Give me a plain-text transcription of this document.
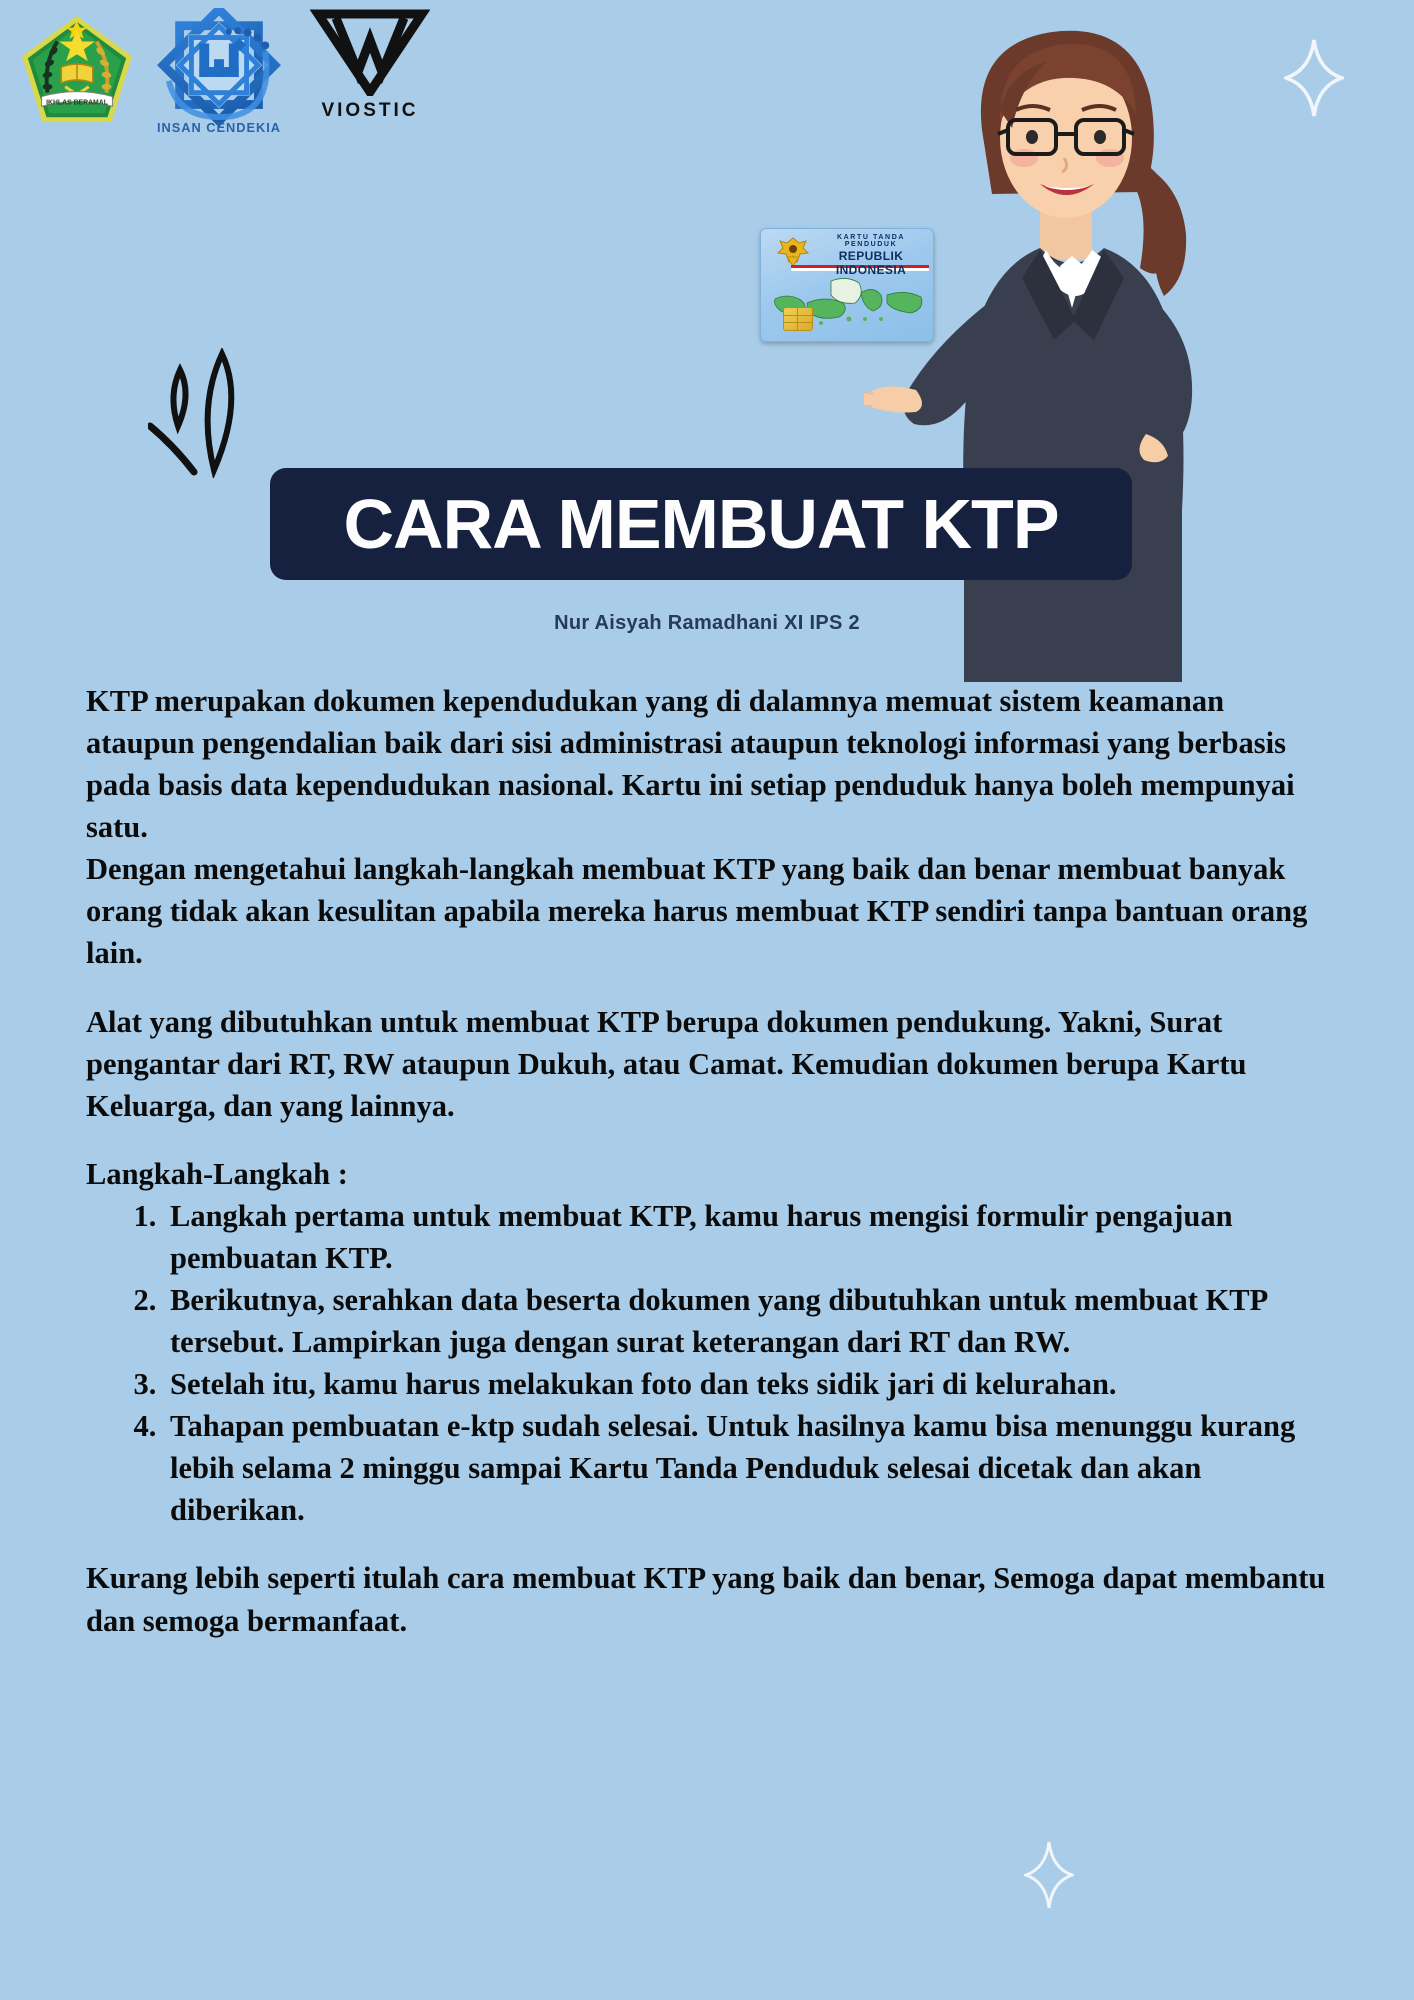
IKHLAS BERAMAL
INSAN CENDEKIA
VIOSTIC
KARTU TANDA PENDUDUK
REPUBLIK INDONESIA
CARA MEMBUAT KTP
Nur Aisyah Ramadhani XI IPS 2

KTP merupakan dokumen kependudukan yang di dalamnya memuat sistem keamanan ataupun pengendalian baik dari sisi administrasi ataupun teknologi informasi yang berbasis pada basis data kependudukan nasional. Kartu ini setiap penduduk hanya boleh mempunyai satu.

Dengan mengetahui langkah-langkah membuat KTP yang baik dan benar membuat banyak orang tidak akan kesulitan apabila mereka harus membuat KTP sendiri tanpa bantuan orang lain.

Alat yang dibutuhkan untuk membuat KTP berupa dokumen pendukung. Yakni, Surat pengantar dari RT, RW ataupun Dukuh, atau Camat. Kemudian dokumen berupa Kartu Keluarga, dan yang lainnya.

Langkah-Langkah :

1. Langkah pertama untuk membuat KTP, kamu harus mengisi formulir pengajuan pembuatan KTP.
2. Berikutnya, serahkan data beserta dokumen yang dibutuhkan untuk membuat KTP tersebut. Lampirkan juga dengan surat keterangan dari RT dan RW.
3. Setelah itu, kamu harus melakukan foto dan teks sidik jari di kelurahan.
4. Tahapan pembuatan e-ktp sudah selesai. Untuk hasilnya kamu bisa menunggu kurang lebih selama 2 minggu sampai Kartu Tanda Penduduk selesai dicetak dan akan diberikan.

Kurang lebih seperti itulah cara membuat KTP yang baik dan benar, Semoga dapat membantu dan semoga bermanfaat.
